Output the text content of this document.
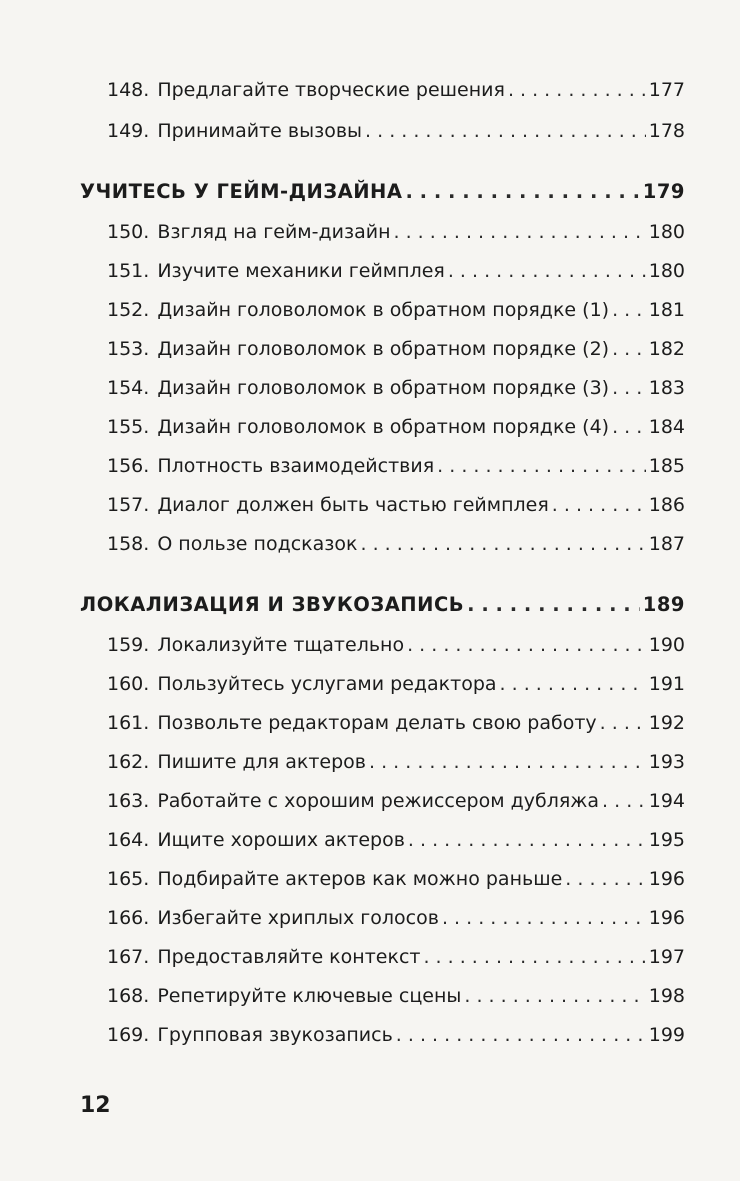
148. Предлагайте творческие решения . . .	177
149. Принимайте вызовы . . .	178
УЧИТЕСЬ У ГЕЙМ-ДИЗАЙНА . . .	179
150. Взгляд на гейм-дизайн . . .	180
151. Изучите механики геймплея . . .	180
152. Дизайн головоломок в обратном порядке (1) . . . 181
153. Дизайн головоломок в обратном порядке (2) . . . 182
154. Дизайн головоломок в обратном порядке (3) . . . 183
155. Дизайн головоломок в обратном порядке (4) . . . 184
156. Плотность взаимодействия . . .	185
157. Диалог должен быть частью геймплея . . .	186
158. О пользе подсказок . . .	187
ЛОКАЛИЗАЦИЯ И ЗВУКОЗАПИСЬ . . .	189
159. Локализуйте тщательно . . .	190
160. Пользуйтесь услугами редактора . . .	191
161. Позвольте редакторам делать свою работу . . .	192
162. Пишите для актеров . . .	193
163. Работайте с хорошим режиссером дубляжа . . .	194
164. Ищите хороших актеров . . .	195
165. Подбирайте актеров как можно раньше . . .	196
166. Избегайте хриплых голосов . . .	196
167. Предоставляйте контекст . . .	197
168. Репетируйте ключевые сцены . . .	198
169. Групповая звукозапись . . .	199
12
